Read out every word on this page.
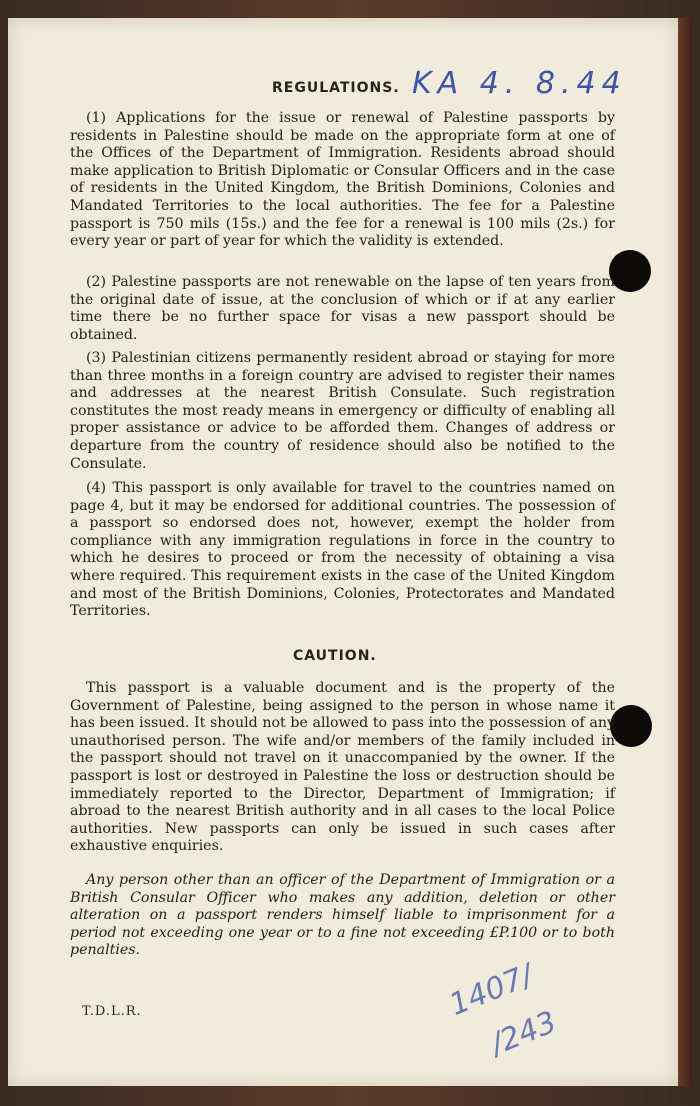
REGULATIONS. KA 4. 8.44

(1) Applications for the issue or renewal of Palestine passports by residents in Palestine should be made on the appropriate form at one of the Offices of the Department of Immigration. Residents abroad should make application to British Diplomatic or Consular Officers and in the case of residents in the United Kingdom, the British Dominions, Colonies and Mandated Territories to the local authorities. The fee for a Palestine passport is 750 mils (15s.) and the fee for a renewal is 100 mils (2s.) for every year or part of year for which the validity is extended.

(2) Palestine passports are not renewable on the lapse of ten years from the original date of issue, at the conclusion of which or if at any earlier time there be no further space for visas a new passport should be obtained.

(3) Palestinian citizens permanently resident abroad or staying for more than three months in a foreign country are advised to register their names and addresses at the nearest British Consulate. Such registration constitutes the most ready means in emergency or difficulty of enabling all proper assistance or advice to be afforded them. Changes of address or departure from the country of residence should also be notified to the Consulate.

(4) This passport is only available for travel to the countries named on page 4, but it may be endorsed for additional countries. The possession of a passport so endorsed does not, however, exempt the holder from compliance with any immigration regulations in force in the country to which he desires to proceed or from the necessity of obtaining a visa where required. This requirement exists in the case of the United Kingdom and most of the British Dominions, Colonies, Protectorates and Mandated Territories.

CAUTION.

This passport is a valuable document and is the property of the Government of Palestine, being assigned to the person in whose name it has been issued. It should not be allowed to pass into the possession of any unauthorised person. The wife and/or members of the family included in the passport should not travel on it unaccompanied by the owner. If the passport is lost or destroyed in Palestine the loss or destruction should be immediately reported to the Director, Department of Immigration; if abroad to the nearest British authority and in all cases to the local Police authorities. New passports can only be issued in such cases after exhaustive enquiries.

Any person other than an officer of the Department of Immigration or a British Consular Officer who makes any addition, deletion or other alteration on a passport renders himself liable to imprisonment for a period not exceeding one year or to a fine not exceeding £P.100 or to both penalties.

T.D.L.R.	1407/

/243
